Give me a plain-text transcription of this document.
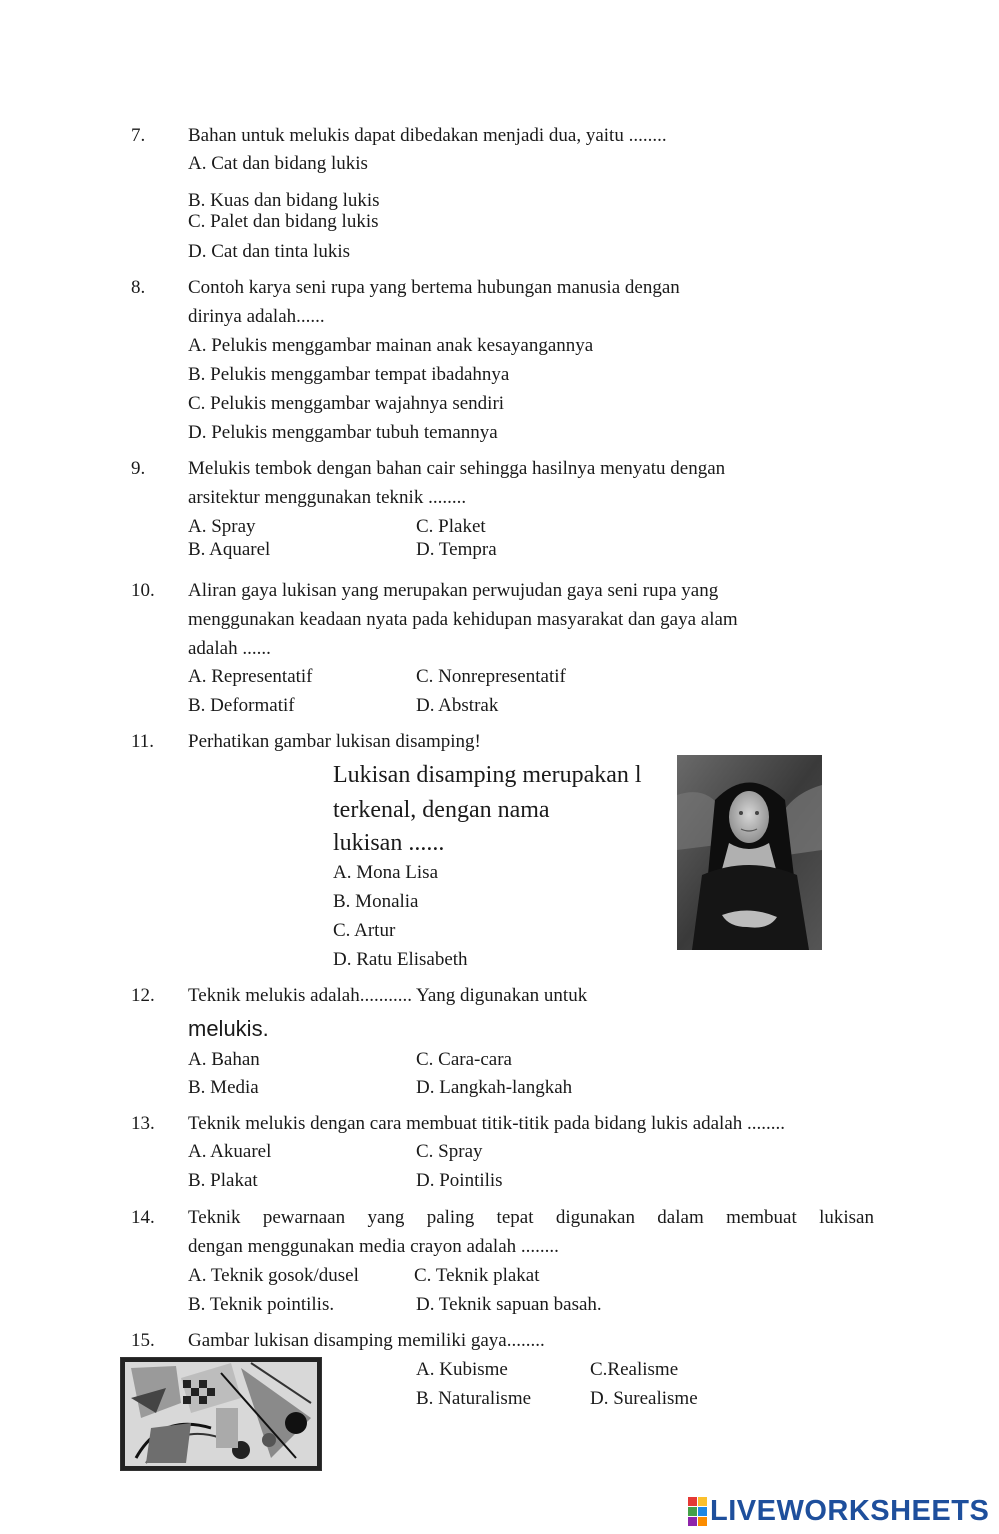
7. Bahan untuk melukis dapat dibedakan menjadi dua, yaitu ........
A. Cat dan bidang lukis
B. Kuas dan bidang lukis
C. Palet dan bidang lukis
D. Cat dan tinta lukis
8. Contoh karya seni rupa yang bertema hubungan manusia dengan
dirinya adalah......
A. Pelukis menggambar mainan anak kesayangannya
B. Pelukis menggambar tempat ibadahnya
C. Pelukis menggambar wajahnya sendiri
D. Pelukis menggambar tubuh temannya
9. Melukis tembok dengan bahan cair sehingga hasilnya menyatu dengan
arsitektur menggunakan teknik ........
A. Spray	C. Plaket
B. Aquarel	D. Tempra
10. Aliran gaya lukisan yang merupakan perwujudan gaya seni rupa yang
menggunakan keadaan nyata pada kehidupan masyarakat dan gaya alam
adalah ......
A. Representatif	C. Nonrepresentatif
B. Deformatif	D. Abstrak
11. Perhatikan gambar lukisan disamping!
Lukisan disamping merupakan l
terkenal, dengan nama
lukisan ......
A. Mona Lisa
B. Monalia
C. Artur
D. Ratu Elisabeth
12. Teknik melukis adalah........... Yang digunakan untuk
melukis.
A. Bahan	C. Cara-cara
B. Media	D. Langkah-langkah
13. Teknik melukis dengan cara membuat titik-titik pada bidang lukis adalah ........
A. Akuarel	C. Spray
B. Plakat	D. Pointilis
14. Teknik pewarnaan yang paling tepat digunakan dalam membuat lukisan
dengan menggunakan media crayon adalah ........
A. Teknik gosok/dusel	C. Teknik plakat
B. Teknik pointilis.	D. Teknik sapuan basah.
15. Gambar lukisan disamping memiliki gaya........
A. Kubisme	C.Realisme
B. Naturalisme	D. Surealisme
LIVEWORKSHEETS
